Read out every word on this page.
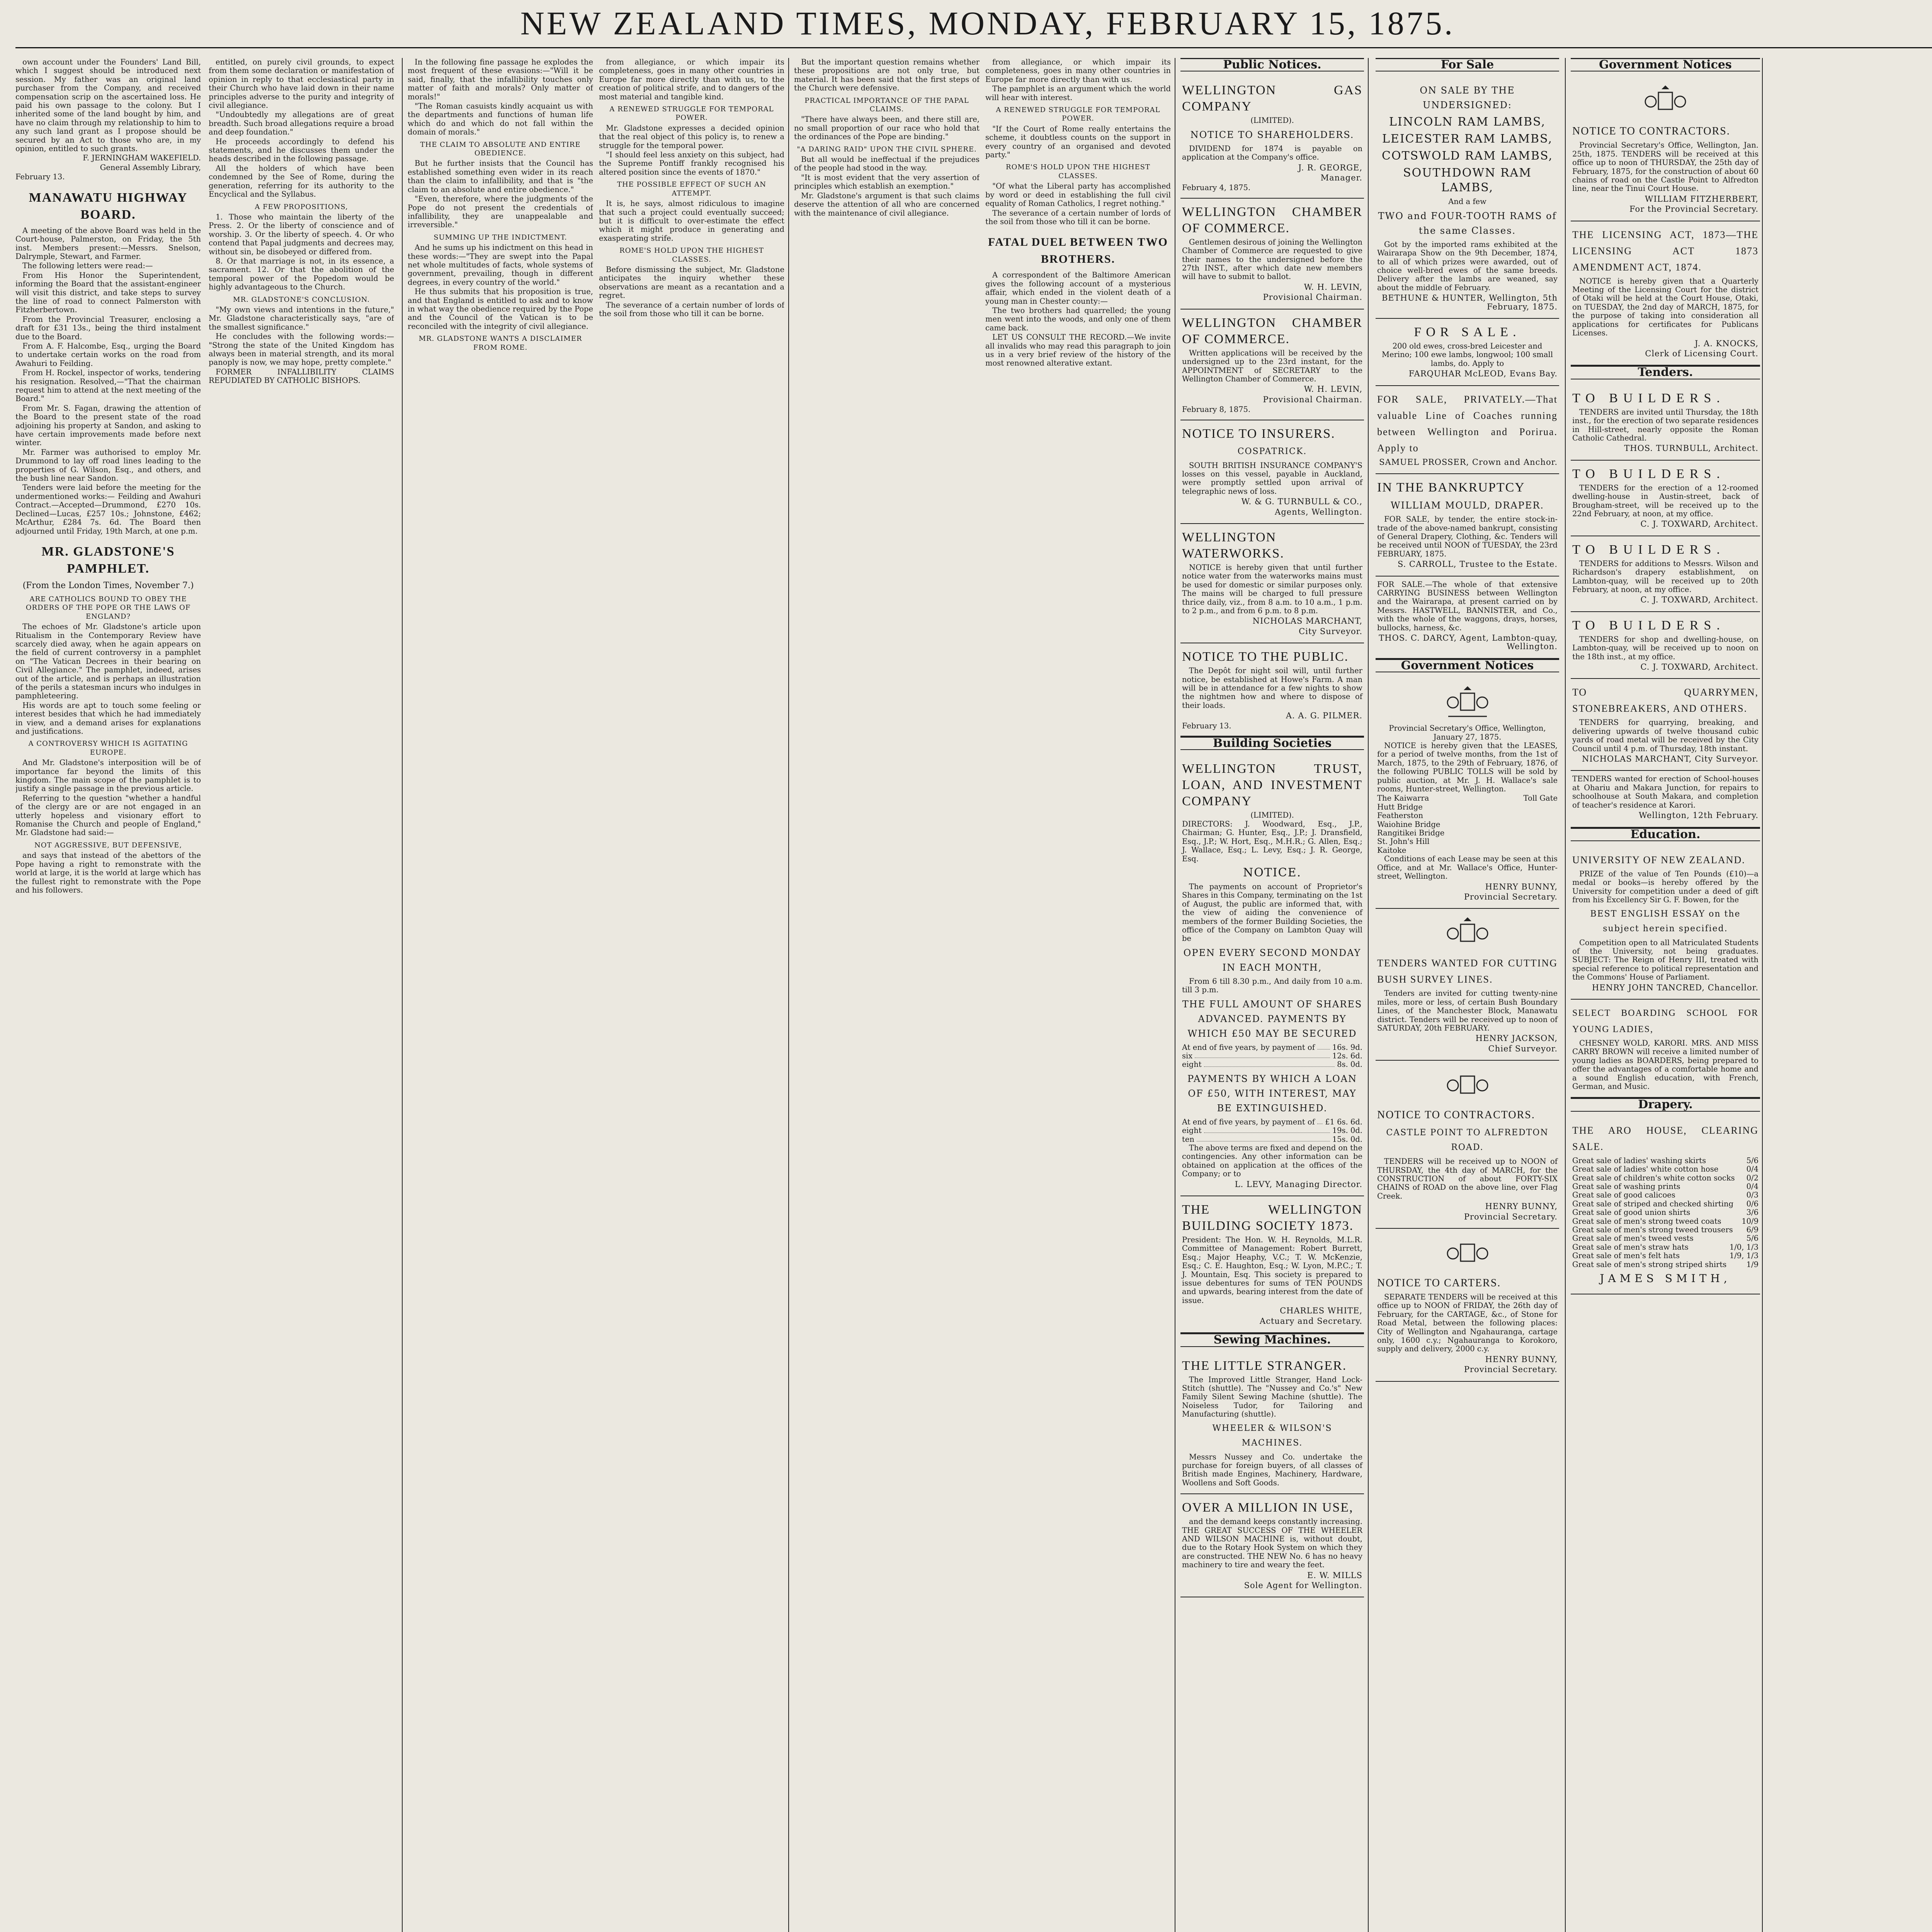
NEW ZEALAND TIMES, MONDAY, FEBRUARY 15, 1875.

own account under the Founders' Land Bill, which I suggest should be introduced next session. My father was an original land purchaser from the Company, and received compensation scrip on the ascertained loss. He paid his own passage to the colony. But I inherited some of the land bought by him, and have no claim through my relationship to him to any such land grant as I propose should be secured by an Act to those who are, in my opinion, entitled to such grants.

F. JERNINGHAM WAKEFIELD.

General Assembly Library,

February 13.

MANAWATU HIGHWAY BOARD.

A meeting of the above Board was held in the Court-house, Palmerston, on Friday, the 5th inst. Members present:—Messrs. Snelson, Dalrymple, Stewart, and Farmer.

The following letters were read:—

From His Honor the Superintendent, informing the Board that the assistant-engineer will visit this district, and take steps to survey the line of road to connect Palmerston with Fitzherbertown.

From the Provincial Treasurer, enclosing a draft for £31 13s., being the third instalment due to the Board.

From A. F. Halcombe, Esq., urging the Board to undertake certain works on the road from Awahuri to Feilding.

From H. Rockel, inspector of works, tendering his resignation. Resolved,—"That the chairman request him to attend at the next meeting of the Board."

From Mr. S. Fagan, drawing the attention of the Board to the present state of the road adjoining his property at Sandon, and asking to have certain improvements made before next winter.

Mr. Farmer was authorised to employ Mr. Drummond to lay off road lines leading to the properties of G. Wilson, Esq., and others, and the bush line near Sandon.

Tenders were laid before the meeting for the undermentioned works:— Feilding and Awahuri Contract.—Accepted—Drummond, £270 10s. Declined—Lucas, £257 10s.; Johnstone, £462; McArthur, £284 7s. 6d. The Board then adjourned until Friday, 19th March, at one p.m.

MR. GLADSTONE'S PAMPHLET.
(From the London Times, November 7.)
ARE CATHOLICS BOUND TO OBEY THE ORDERS OF THE POPE OR THE LAWS OF ENGLAND?

The echoes of Mr. Gladstone's article upon Ritualism in the Contemporary Review have scarcely died away, when he again appears on the field of current controversy in a pamphlet on "The Vatican Decrees in their bearing on Civil Allegiance." The pamphlet, indeed, arises out of the article, and is perhaps an illustration of the perils a statesman incurs who indulges in pamphleteering.

His words are apt to touch some feeling or interest besides that which he had immediately in view, and a demand arises for explanations and justifications.

A CONTROVERSY WHICH IS AGITATING EUROPE.

And Mr. Gladstone's interposition will be of importance far beyond the limits of this kingdom. The main scope of the pamphlet is to justify a single passage in the previous article.

Referring to the question "whether a handful of the clergy are or are not engaged in an utterly hopeless and visionary effort to Romanise the Church and people of England," Mr. Gladstone had said:—

NOT AGGRESSIVE, BUT DEFENSIVE,

and says that instead of the abettors of the Pope having a right to remonstrate with the world at large, it is the world at large which has the fullest right to remonstrate with the Pope and his followers.

entitled, on purely civil grounds, to expect from them some declaration or manifestation of opinion in reply to that ecclesiastical party in their Church who have laid down in their name principles adverse to the purity and integrity of civil allegiance.

"Undoubtedly my allegations are of great breadth. Such broad allegations require a broad and deep foundation."

He proceeds accordingly to defend his statements, and he discusses them under the heads described in the following passage.

All the holders of which have been condemned by the See of Rome, during the generation, referring for its authority to the Encyclical and the Syllabus.

A FEW PROPOSITIONS,

1. Those who maintain the liberty of the Press. 2. Or the liberty of conscience and of worship. 3. Or the liberty of speech. 4. Or who contend that Papal judgments and decrees may, without sin, be disobeyed or differed from.

8. Or that marriage is not, in its essence, a sacrament. 12. Or that the abolition of the temporal power of the Popedom would be highly advantageous to the Church.

MR. GLADSTONE'S CONCLUSION.

"My own views and intentions in the future," Mr. Gladstone characteristically says, "are of the smallest significance."

He concludes with the following words:— "Strong the state of the United Kingdom has always been in material strength, and its moral panoply is now, we may hope, pretty complete."

FORMER INFALLIBILITY CLAIMS REPUDIATED BY CATHOLIC BISHOPS.

In the following fine passage he explodes the most frequent of these evasions:—"Will it be said, finally, that the infallibility touches only matter of faith and morals? Only matter of morals!"

"The Roman casuists kindly acquaint us with the departments and functions of human life which do and which do not fall within the domain of morals."

THE CLAIM TO ABSOLUTE AND ENTIRE OBEDIENCE.

But he further insists that the Council has established something even wider in its reach than the claim to infallibility, and that is "the claim to an absolute and entire obedience."

"Even, therefore, where the judgments of the Pope do not present the credentials of infallibility, they are unappealable and irreversible."

SUMMING UP THE INDICTMENT.

And he sums up his indictment on this head in these words:—"They are swept into the Papal net whole multitudes of facts, whole systems of government, prevailing, though in different degrees, in every country of the world."

He thus submits that his proposition is true, and that England is entitled to ask and to know in what way the obedience required by the Pope and the Council of the Vatican is to be reconciled with the integrity of civil allegiance.

MR. GLADSTONE WANTS A DISCLAIMER FROM ROME.

from allegiance, or which impair its completeness, goes in many other countries in Europe far more directly than with us, to the creation of political strife, and to dangers of the most material and tangible kind.

A RENEWED STRUGGLE FOR TEMPORAL POWER.

Mr. Gladstone expresses a decided opinion that the real object of this policy is, to renew a struggle for the temporal power.

"I should feel less anxiety on this subject, had the Supreme Pontiff frankly recognised his altered position since the events of 1870."

THE POSSIBLE EFFECT OF SUCH AN ATTEMPT.

It is, he says, almost ridiculous to imagine that such a project could eventually succeed; but it is difficult to over-estimate the effect which it might produce in generating and exasperating strife.

ROME'S HOLD UPON THE HIGHEST CLASSES.

Before dismissing the subject, Mr. Gladstone anticipates the inquiry whether these observations are meant as a recantation and a regret.

The severance of a certain number of lords of the soil from those who till it can be borne.

But the important question remains whether these propositions are not only true, but material. It has been said that the first steps of the Church were defensive.

PRACTICAL IMPORTANCE OF THE PAPAL CLAIMS.

"There have always been, and there still are, no small proportion of our race who hold that the ordinances of the Pope are binding."

"A DARING RAID" UPON THE CIVIL SPHERE.

But all would be ineffectual if the prejudices of the people had stood in the way.

"It is most evident that the very assertion of principles which establish an exemption."

Mr. Gladstone's argument is that such claims deserve the attention of all who are concerned with the maintenance of civil allegiance.

from allegiance, or which impair its completeness, goes in many other countries in Europe far more directly than with us.

The pamphlet is an argument which the world will hear with interest.

A RENEWED STRUGGLE FOR TEMPORAL POWER.

"If the Court of Rome really entertains the scheme, it doubtless counts on the support in every country of an organised and devoted party."

ROME'S HOLD UPON THE HIGHEST CLASSES.

"Of what the Liberal party has accomplished by word or deed in establishing the full civil equality of Roman Catholics, I regret nothing."

The severance of a certain number of lords of the soil from those who till it can be borne.

FATAL DUEL BETWEEN TWO BROTHERS.

A correspondent of the Baltimore American gives the following account of a mysterious affair, which ended in the violent death of a young man in Chester county:—

The two brothers had quarrelled; the young men went into the woods, and only one of them came back.

LET US CONSULT THE RECORD.—We invite all invalids who may read this paragraph to join us in a very brief review of the history of the most renowned alterative extant.

Public Notices.
WELLINGTON GAS COMPANY
(LIMITED).
NOTICE TO SHAREHOLDERS.

DIVIDEND for 1874 is payable on application at the Company's office.

J. R. GEORGE,
Manager.
February 4, 1875.
WELLINGTON CHAMBER OF COMMERCE.

Gentlemen desirous of joining the Wellington Chamber of Commerce are requested to give their names to the undersigned before the 27th INST., after which date new members will have to submit to ballot.

W. H. LEVIN,
Provisional Chairman.
WELLINGTON CHAMBER OF COMMERCE.

Written applications will be received by the undersigned up to the 23rd instant, for the APPOINTMENT of SECRETARY to the Wellington Chamber of Commerce.

W. H. LEVIN,
Provisional Chairman.
February 8, 1875.
NOTICE TO INSURERS.
COSPATRICK.

SOUTH BRITISH INSURANCE COMPANY'S losses on this vessel, payable in Auckland, were promptly settled upon arrival of telegraphic news of loss.

W. & G. TURNBULL & CO.,
Agents, Wellington.
WELLINGTON WATERWORKS.

NOTICE is hereby given that until further notice water from the waterworks mains must be used for domestic or similar purposes only. The mains will be charged to full pressure thrice daily, viz., from 8 a.m. to 10 a.m., 1 p.m. to 2 p.m., and from 6 p.m. to 8 p.m.

NICHOLAS MARCHANT,
City Surveyor.
NOTICE TO THE PUBLIC.

The Depôt for night soil will, until further notice, be established at Howe's Farm. A man will be in attendance for a few nights to show the nightmen how and where to dispose of their loads.

A. A. G. PILMER.
February 13.
Building Societies
WELLINGTON TRUST, LOAN, AND INVESTMENT COMPANY
(LIMITED).

DIRECTORS: J. Woodward, Esq., J.P., Chairman; G. Hunter, Esq., J.P.; J. Dransfield, Esq., J.P.; W. Hort, Esq., M.H.R.; G. Allen, Esq.; J. Wallace, Esq.; L. Levy, Esq.; J. R. George, Esq.

NOTICE.

The payments on account of Proprietor's Shares in this Company, terminating on the 1st of August, the public are informed that, with the view of aiding the convenience of members of the former Building Societies, the office of the Company on Lambton Quay will be

OPEN EVERY SECOND MONDAY IN EACH MONTH,

From 6 till 8.30 p.m., And daily from 10 a.m. till 3 p.m.

THE FULL AMOUNT OF SHARES ADVANCED. PAYMENTS BY WHICH £50 MAY BE SECURED
At end of five years, by payment of 16s. 9d.
six	12s. 6d.
eight	8s. 0d.
PAYMENTS BY WHICH A LOAN OF £50, WITH INTEREST, MAY BE EXTINGUISHED.
At end of five years, by payment of £1 6s. 6d.
eight	19s. 0d.
ten	15s. 0d.

The above terms are fixed and depend on the contingencies. Any other information can be obtained on application at the offices of the Company; or to

L. LEVY, Managing Director.
THE WELLINGTON BUILDING SOCIETY 1873.

President: The Hon. W. H. Reynolds, M.L.R. Committee of Management: Robert Burrett, Esq.; Major Heaphy, V.C.; T. W. McKenzie, Esq.; C. E. Haughton, Esq.; W. Lyon, M.P.C.; T. J. Mountain, Esq. This society is prepared to issue debentures for sums of TEN POUNDS and upwards, bearing interest from the date of issue.

CHARLES WHITE,
Actuary and Secretary.
Sewing Machines.
THE LITTLE STRANGER.

The Improved Little Stranger, Hand Lock-Stitch (shuttle). The "Nussey and Co.'s" New Family Silent Sewing Machine (shuttle). The Noiseless Tudor, for Tailoring and Manufacturing (shuttle).

WHEELER & WILSON'S MACHINES.

Messrs Nussey and Co. undertake the purchase for foreign buyers, of all classes of British made Engines, Machinery, Hardware, Woollens and Soft Goods.

OVER A MILLION IN USE,

and the demand keeps constantly increasing. THE GREAT SUCCESS OF THE WHEELER AND WILSON MACHINE is, without doubt, due to the Rotary Hook System on which they are constructed. THE NEW No. 6 has no heavy machinery to tire and weary the feet.

E. W. MILLS
Sole Agent for Wellington.
For Sale
ON SALE BY THE UNDERSIGNED:
LINCOLN RAM LAMBS,
LEICESTER RAM LAMBS,
COTSWOLD RAM LAMBS,
SOUTHDOWN RAM LAMBS,
And a few
TWO and FOUR-TOOTH RAMS of the same Classes.

Got by the imported rams exhibited at the Wairarapa Show on the 9th December, 1874, to all of which prizes were awarded, out of choice well-bred ewes of the same breeds. Delivery after the lambs are weaned, say about the middle of February.

BETHUNE & HUNTER, Wellington, 5th February, 1875.
FOR SALE.

200 old ewes, cross-bred Leicester and Merino; 100 ewe lambs, longwool; 100 small lambs, do. Apply to

FARQUHAR McLEOD, Evans Bay.
FOR SALE, PRIVATELY.—That valuable Line of Coaches running between Wellington and Porirua. Apply to
SAMUEL PROSSER, Crown and Anchor.
IN THE BANKRUPTCY
WILLIAM MOULD, DRAPER.

FOR SALE, by tender, the entire stock-in-trade of the above-named bankrupt, consisting of General Drapery, Clothing, &c. Tenders will be received until NOON of TUESDAY, the 23rd FEBRUARY, 1875.

S. CARROLL, Trustee to the Estate.

FOR SALE.—The whole of that extensive CARRYING BUSINESS between Wellington and the Wairarapa, at present carried on by Messrs. HASTWELL, BANNISTER, and Co., with the whole of the waggons, drays, horses, bullocks, harness, &c.

THOS. C. DARCY, Agent, Lambton-quay, Wellington.
Government Notices
Provincial Secretary's Office, Wellington, January 27, 1875.

NOTICE is hereby given that the LEASES, for a period of twelve months, from the 1st of March, 1875, to the 29th of February, 1876, of the following PUBLIC TOLLS will be sold by public auction, at Mr. J. H. Wallace's sale rooms, Hunter-street, Wellington.

The Kaiwarra	Toll Gate
Hutt Bridge
Featherston
Waiohine Bridge
Rangitikei Bridge
St. John's Hill
Kaitoke

Conditions of each Lease may be seen at this Office, and at Mr. Wallace's Office, Hunter-street, Wellington.

HENRY BUNNY,
Provincial Secretary.
TENDERS WANTED FOR CUTTING BUSH SURVEY LINES.

Tenders are invited for cutting twenty-nine miles, more or less, of certain Bush Boundary Lines, of the Manchester Block, Manawatu district. Tenders will be received up to noon of SATURDAY, 20th FEBRUARY.

HENRY JACKSON,
Chief Surveyor.
NOTICE TO CONTRACTORS.
CASTLE POINT TO ALFREDTON ROAD.

TENDERS will be received up to NOON of THURSDAY, the 4th day of MARCH, for the CONSTRUCTION of about FORTY-SIX CHAINS of ROAD on the above line, over Flag Creek.

HENRY BUNNY,
Provincial Secretary.
NOTICE TO CARTERS.

SEPARATE TENDERS will be received at this office up to NOON of FRIDAY, the 26th day of February, for the CARTAGE, &c., of Stone for Road Metal, between the following places: City of Wellington and Ngahauranga, cartage only, 1600 c.y.; Ngahauranga to Korokoro, supply and delivery, 2000 c.y.

HENRY BUNNY,
Provincial Secretary.
Government Notices
NOTICE TO CONTRACTORS.

Provincial Secretary's Office, Wellington, Jan. 25th, 1875. TENDERS will be received at this office up to noon of THURSDAY, the 25th day of February, 1875, for the construction of about 60 chains of road on the Castle Point to Alfredton line, near the Tinui Court House.

WILLIAM FITZHERBERT,
For the Provincial Secretary.
THE LICENSING ACT, 1873—THE LICENSING ACT 1873 AMENDMENT ACT, 1874.

NOTICE is hereby given that a Quarterly Meeting of the Licensing Court for the district of Otaki will be held at the Court House, Otaki, on TUESDAY, the 2nd day of MARCH, 1875, for the purpose of taking into consideration all applications for certificates for Publicans Licenses.

J. A. KNOCKS,
Clerk of Licensing Court.
Tenders.
TO BUILDERS.

TENDERS are invited until Thursday, the 18th inst., for the erection of two separate residences in Hill-street, nearly opposite the Roman Catholic Cathedral.

THOS. TURNBULL, Architect.
TO BUILDERS.

TENDERS for the erection of a 12-roomed dwelling-house in Austin-street, back of Brougham-street, will be received up to the 22nd February, at noon, at my office.

C. J. TOXWARD, Architect.
TO BUILDERS.

TENDERS for additions to Messrs. Wilson and Richardson's drapery establishment, on Lambton-quay, will be received up to 20th February, at noon, at my office.

C. J. TOXWARD, Architect.
TO BUILDERS.

TENDERS for shop and dwelling-house, on Lambton-quay, will be received up to noon on the 18th inst., at my office.

C. J. TOXWARD, Architect.
TO QUARRYMEN, STONEBREAKERS, AND OTHERS.

TENDERS for quarrying, breaking, and delivering upwards of twelve thousand cubic yards of road metal will be received by the City Council until 4 p.m. of Thursday, 18th instant.

NICHOLAS MARCHANT, City Surveyor.

TENDERS wanted for erection of School-houses at Ohariu and Makara Junction, for repairs to schoolhouse at South Makara, and completion of teacher's residence at Karori.

Wellington, 12th February.
Education.
UNIVERSITY OF NEW ZEALAND.

PRIZE of the value of Ten Pounds (£10)—a medal or books—is hereby offered by the University for competition under a deed of gift from his Excellency Sir G. F. Bowen, for the

BEST ENGLISH ESSAY on the subject herein specified.

Competition open to all Matriculated Students of the University, not being graduates. SUBJECT: The Reign of Henry III, treated with special reference to political representation and the Commons' House of Parliament.

HENRY JOHN TANCRED, Chancellor.
SELECT BOARDING SCHOOL FOR YOUNG LADIES,

CHESNEY WOLD, KARORI. MRS. AND MISS CARRY BROWN will receive a limited number of young ladies as BOARDERS, being prepared to offer the advantages of a comfortable home and a sound English education, with French, German, and Music.

Drapery.
THE ARO HOUSE, CLEARING SALE.
Great sale of ladies' washing skirts	5/6
Great sale of ladies' white cotton hose	0/4
Great sale of children's white cotton socks 0/2
Great sale of washing prints	0/4
Great sale of good calicoes	0/3
Great sale of striped and checked shirting 0/6
Great sale of good union shirts	3/6
Great sale of men's strong tweed coats	10/9
Great sale of men's strong tweed trousers 6/9
Great sale of men's tweed vests	5/6
Great sale of men's straw hats	1/0, 1/3
Great sale of men's felt hats	1/9, 1/3
Great sale of men's strong striped shirts	1/9
JAMES SMITH,
